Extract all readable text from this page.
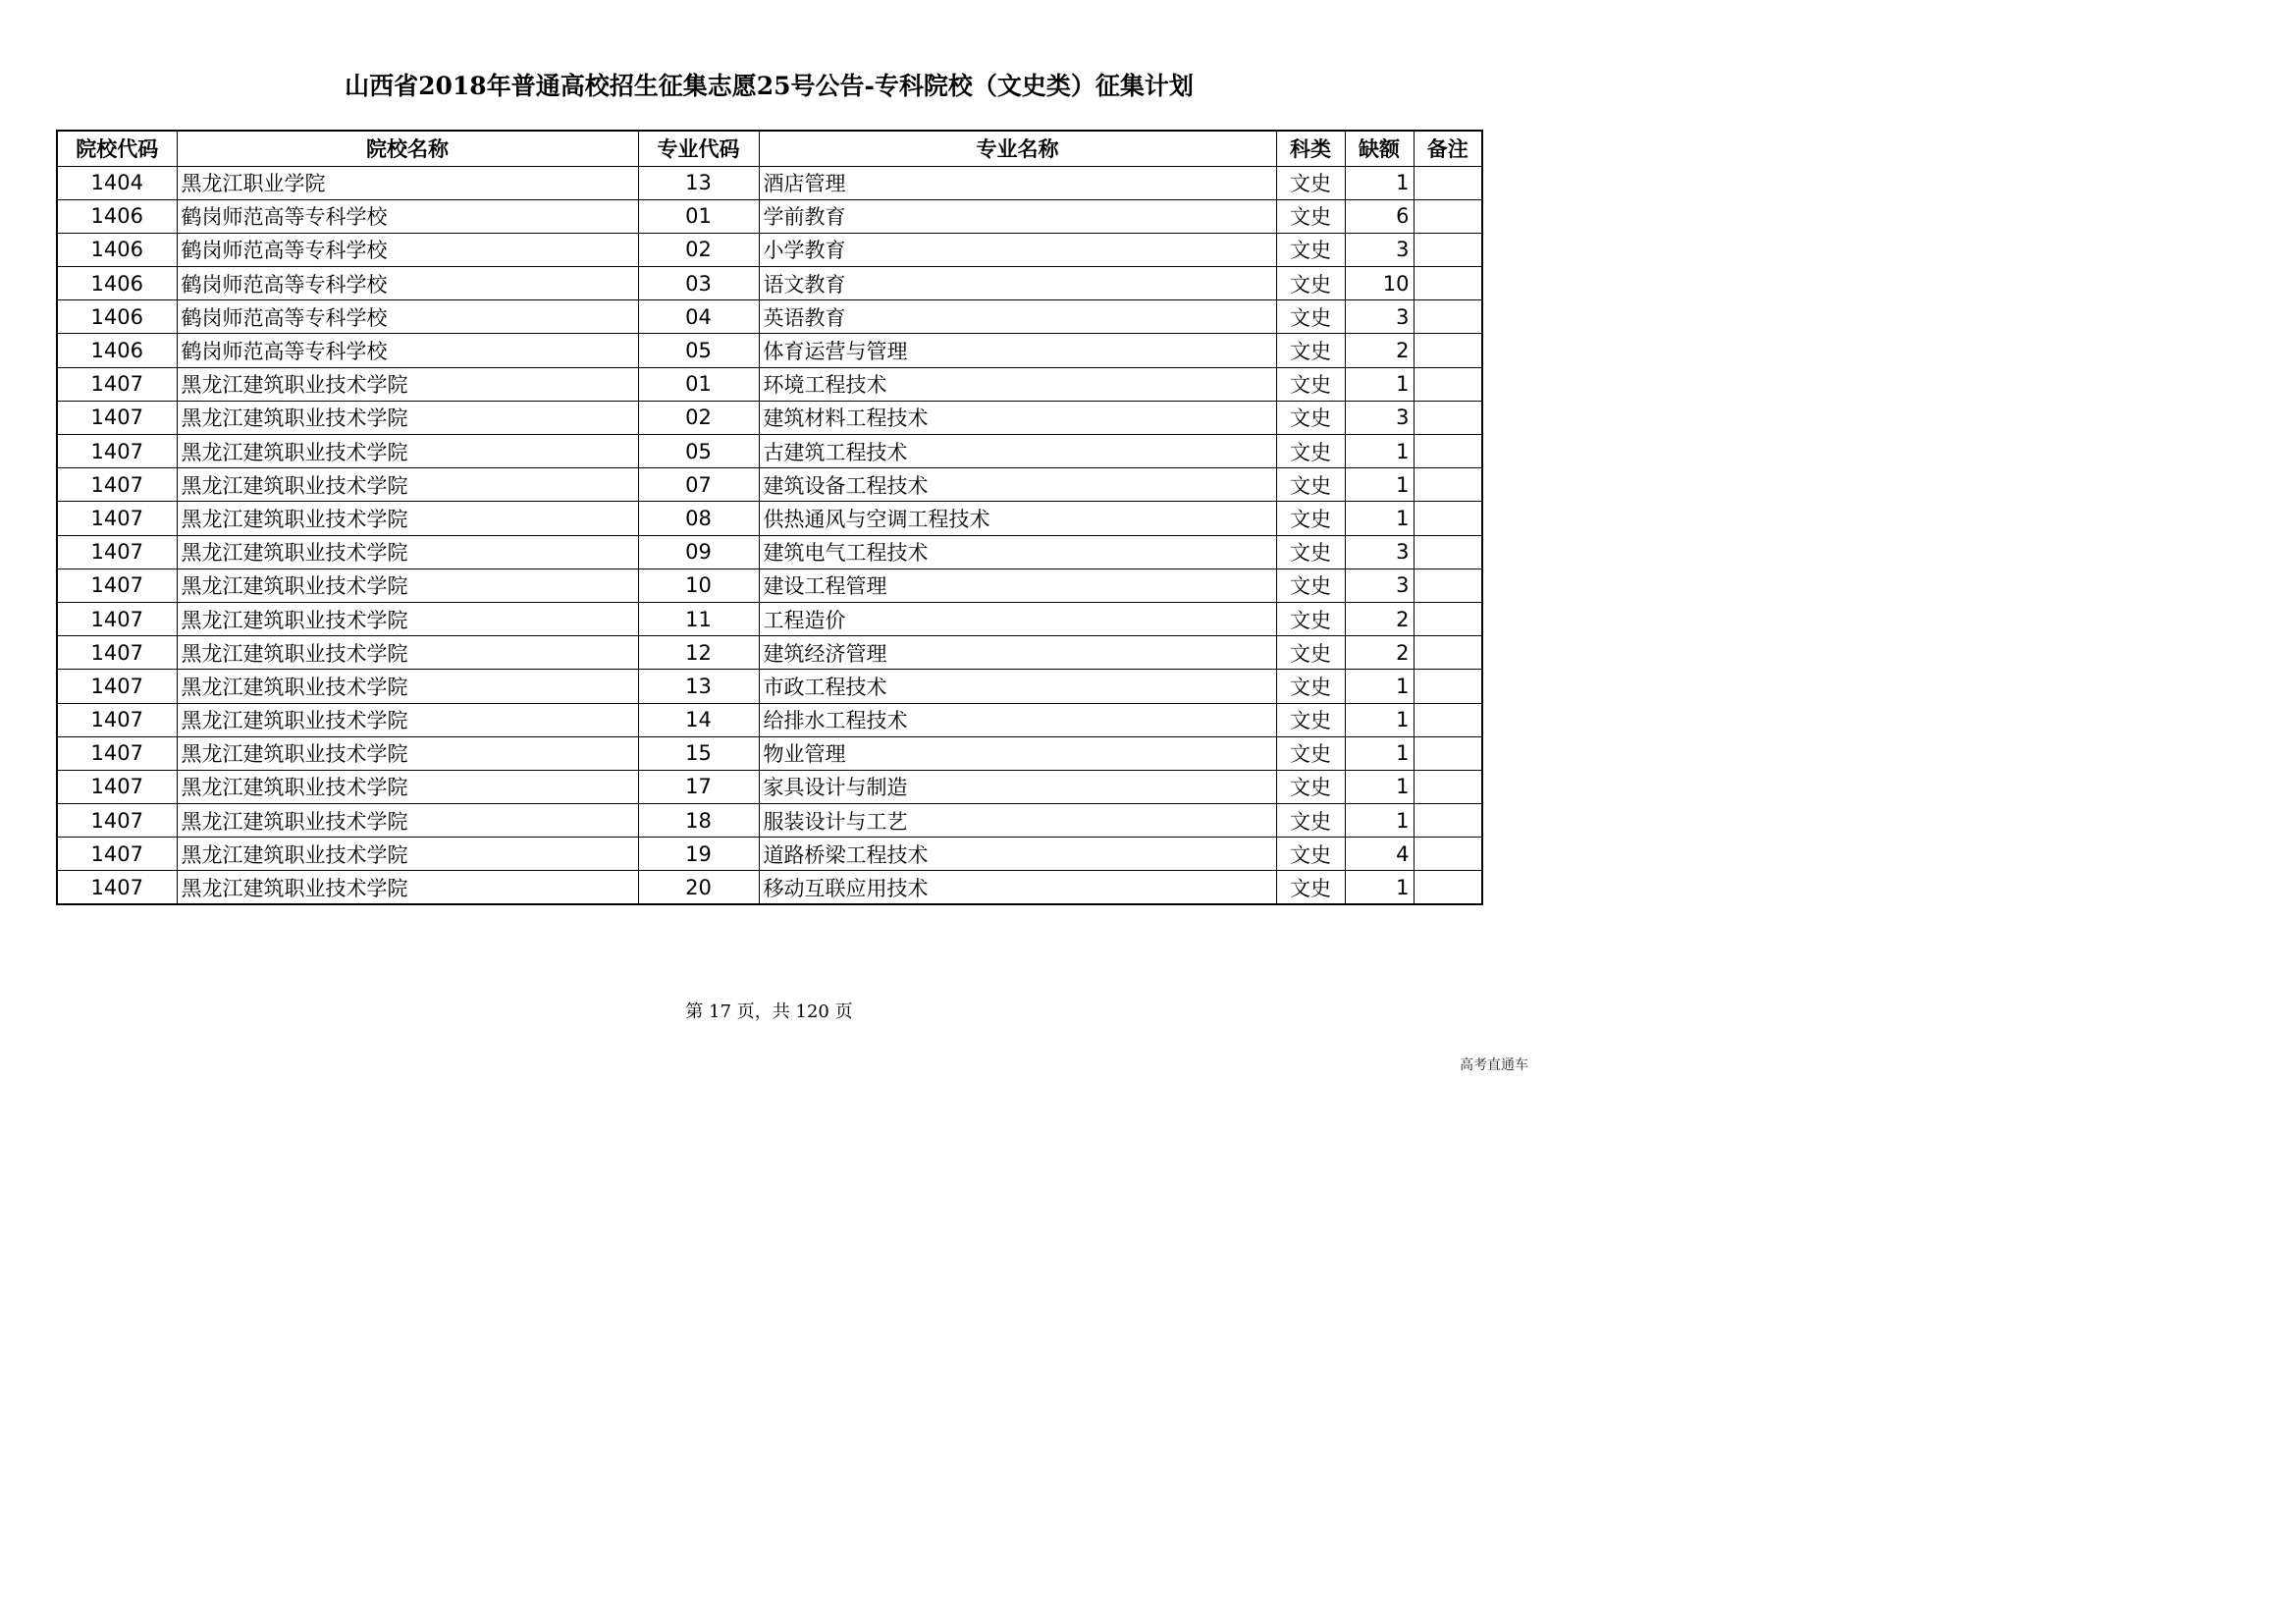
山西省2018年普通高校招生征集志愿25号公告-专科院校（文史类）征集计划
院校代码	院校名称	专业代码	专业名称	科类	缺额	备注
1404	黑龙江职业学院	13	酒店管理	文史	1	
1406	鹤岗师范高等专科学校	01	学前教育	文史	6	
1406	鹤岗师范高等专科学校	02	小学教育	文史	3	
1406	鹤岗师范高等专科学校	03	语文教育	文史	10	
1406	鹤岗师范高等专科学校	04	英语教育	文史	3	
1406	鹤岗师范高等专科学校	05	体育运营与管理	文史	2	
1407	黑龙江建筑职业技术学院	01	环境工程技术	文史	1	
1407	黑龙江建筑职业技术学院	02	建筑材料工程技术	文史	3	
1407	黑龙江建筑职业技术学院	05	古建筑工程技术	文史	1	
1407	黑龙江建筑职业技术学院	07	建筑设备工程技术	文史	1	
1407	黑龙江建筑职业技术学院	08	供热通风与空调工程技术	文史	1	
1407	黑龙江建筑职业技术学院	09	建筑电气工程技术	文史	3	
1407	黑龙江建筑职业技术学院	10	建设工程管理	文史	3	
1407	黑龙江建筑职业技术学院	11	工程造价	文史	2	
1407	黑龙江建筑职业技术学院	12	建筑经济管理	文史	2	
1407	黑龙江建筑职业技术学院	13	市政工程技术	文史	1	
1407	黑龙江建筑职业技术学院	14	给排水工程技术	文史	1	
1407	黑龙江建筑职业技术学院	15	物业管理	文史	1	
1407	黑龙江建筑职业技术学院	17	家具设计与制造	文史	1	
1407	黑龙江建筑职业技术学院	18	服装设计与工艺	文史	1	
1407	黑龙江建筑职业技术学院	19	道路桥梁工程技术	文史	4	
1407	黑龙江建筑职业技术学院	20	移动互联应用技术	文史	1	
第 17 页，共 120 页
高考直通车
